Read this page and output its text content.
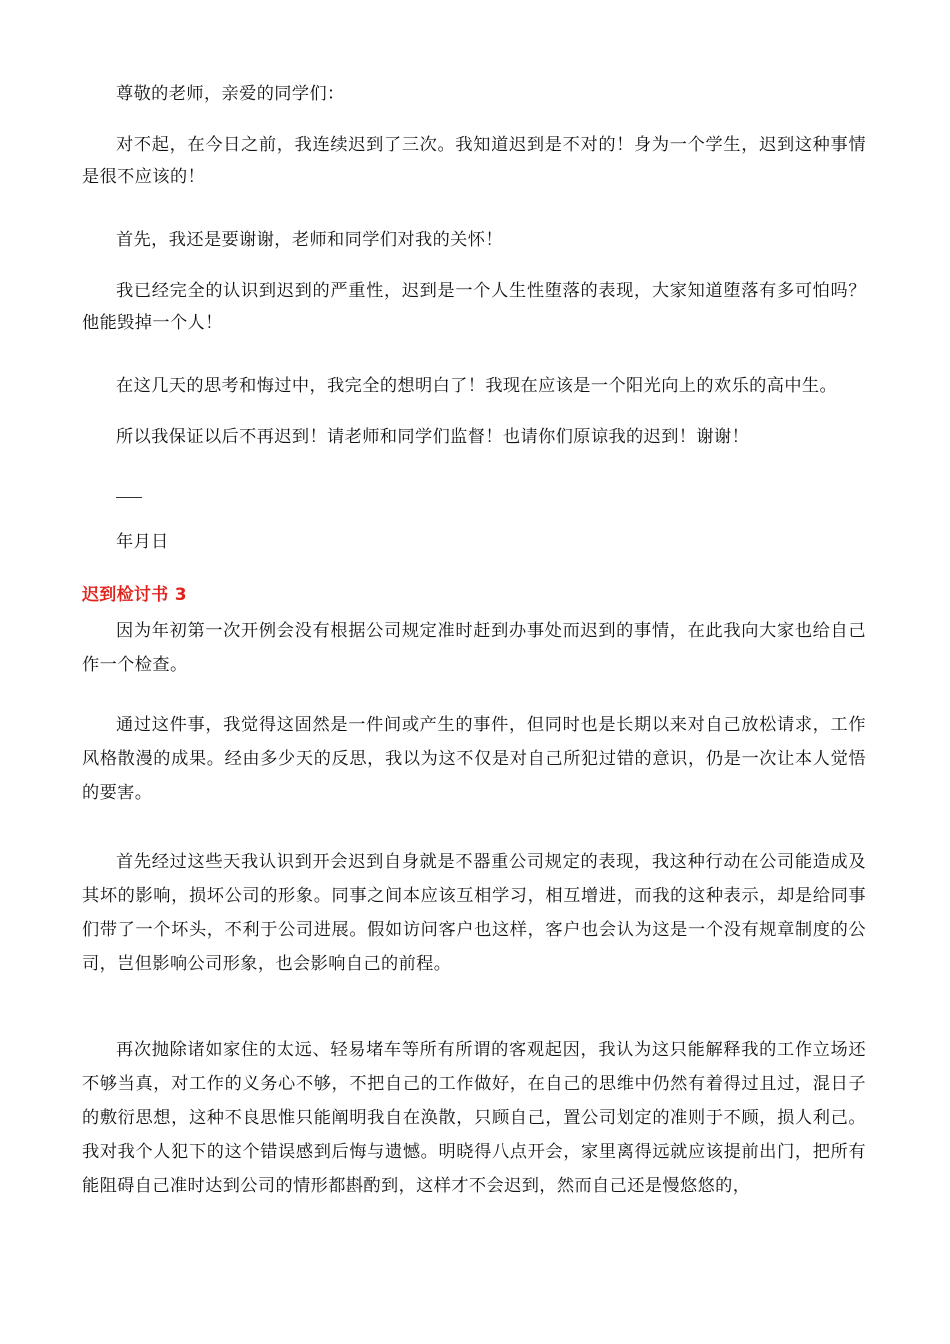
尊敬的老师，亲爱的同学们：

对不起，在今日之前，我连续迟到了三次。我知道迟到是不对的！身为一个学生，迟到这种事情是很不应该的！

首先，我还是要谢谢，老师和同学们对我的关怀！

我已经完全的认识到迟到的严重性，迟到是一个人生性堕落的表现，大家知道堕落有多可怕吗？他能毁掉一个人！

在这几天的思考和悔过中，我完全的想明白了！我现在应该是一个阳光向上的欢乐的高中生。

所以我保证以后不再迟到！请老师和同学们监督！也请你们原谅我的迟到！谢谢！

年月日

迟到检讨书 3

因为年初第一次开例会没有根据公司规定准时赶到办事处而迟到的事情，在此我向大家也给自己作一个检查。

通过这件事，我觉得这固然是一件间或产生的事件，但同时也是长期以来对自己放松请求，工作风格散漫的成果。经由多少天的反思，我以为这不仅是对自己所犯过错的意识，仍是一次让本人觉悟的要害。

首先经过这些天我认识到开会迟到自身就是不器重公司规定的表现，我这种行动在公司能造成及其坏的影响，损坏公司的形象。同事之间本应该互相学习，相互增进，而我的这种表示，却是给同事们带了一个坏头，不利于公司进展。假如访问客户也这样，客户也会认为这是一个没有规章制度的公司，岂但影响公司形象，也会影响自己的前程。

再次抛除诸如家住的太远、轻易堵车等所有所谓的客观起因，我认为这只能解释我的工作立场还不够当真，对工作的义务心不够，不把自己的工作做好，在自己的思维中仍然有着得过且过，混日子的敷衍思想，这种不良思惟只能阐明我自在涣散，只顾自己，置公司划定的准则于不顾，损人利己。我对我个人犯下的这个错误感到后悔与遗憾。明晓得八点开会，家里离得远就应该提前出门，把所有能阻碍自己准时达到公司的情形都斟酌到，这样才不会迟到，然而自己还是慢悠悠的，
